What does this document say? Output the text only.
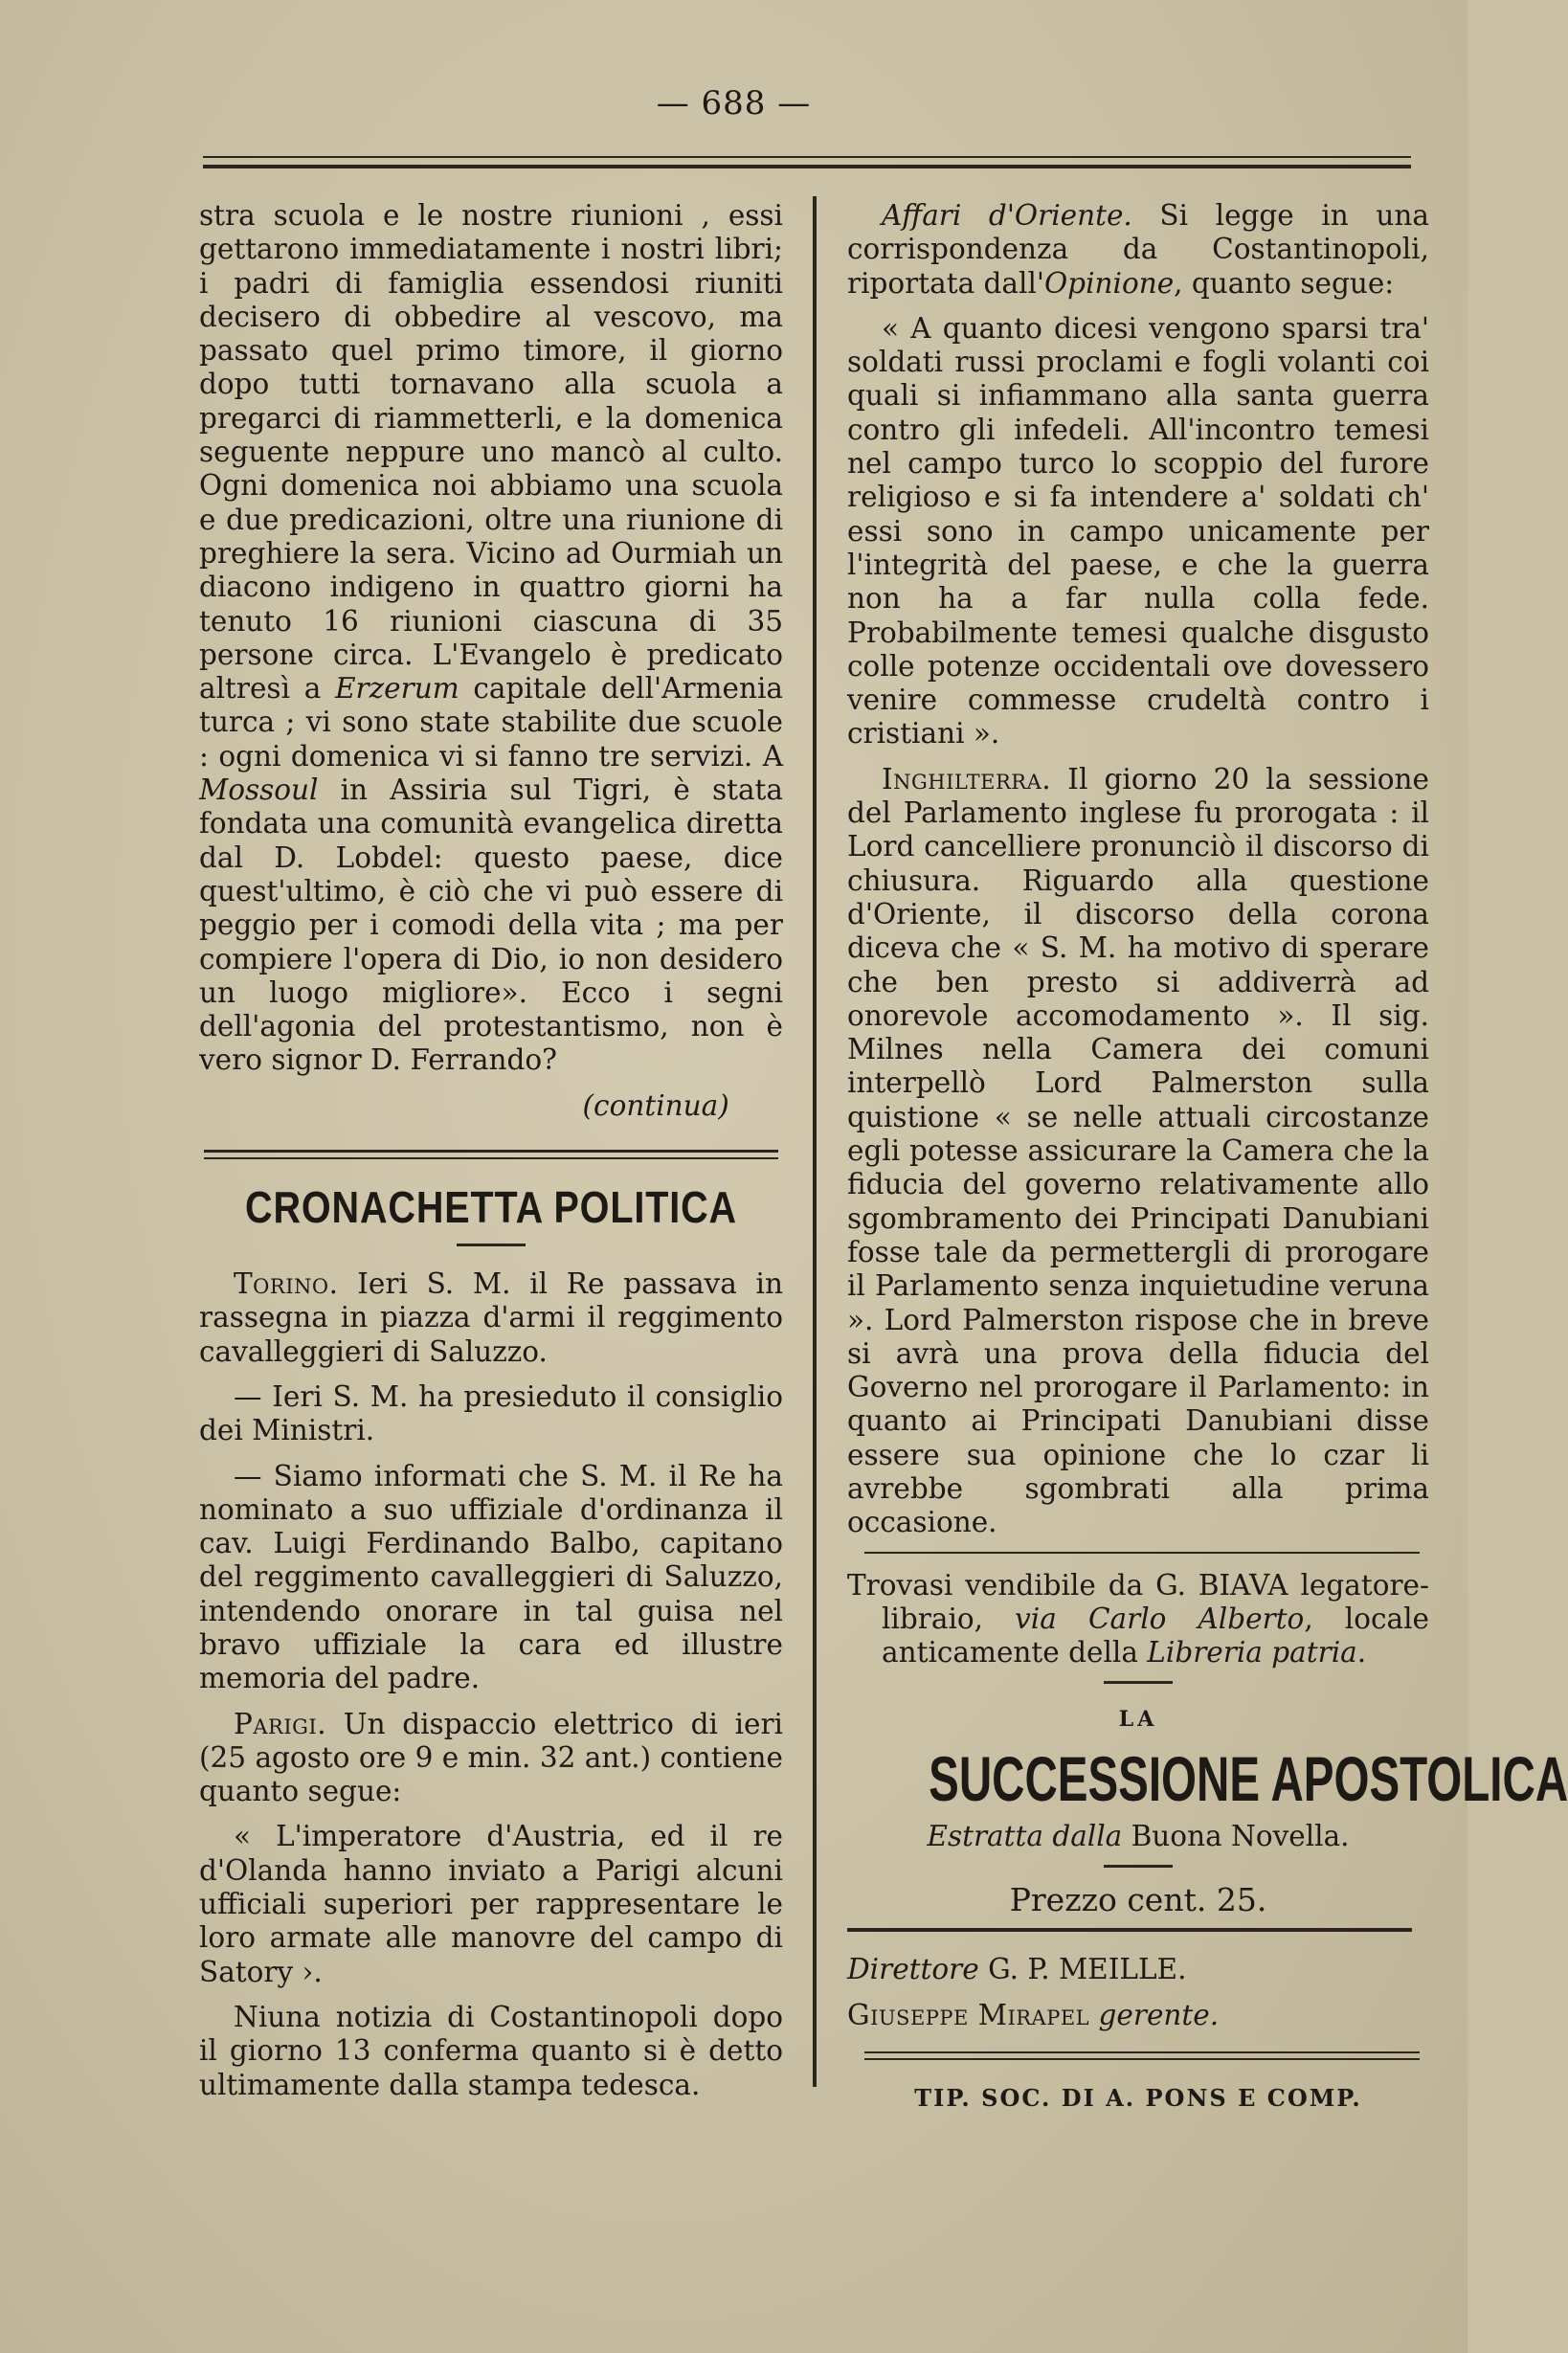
— 688 —

stra scuola e le nostre riunioni , essi gettarono immediatamente i nostri libri; i padri di famiglia essendosi riuniti decisero di obbedire al vescovo, ma passato quel primo timore, il giorno dopo tutti tornavano alla scuola a pregarci di riammetterli, e la domenica seguente neppure uno mancò al culto. Ogni domenica noi abbiamo una scuola e due predicazioni, oltre una riunione di preghiere la sera. Vicino ad Ourmiah un diacono indigeno in quattro giorni ha tenuto 16 riunioni ciascuna di 35 persone circa. L'Evangelo è predicato altresì a Erzerum capitale dell'Armenia turca ; vi sono state stabilite due scuole : ogni domenica vi si fanno tre servizi. A Mossoul in Assiria sul Tigri, è stata fondata una comunità evangelica diretta dal D. Lobdel: questo paese, dice quest'ultimo, è ciò che vi può essere di peggio per i comodi della vita ; ma per compiere l'opera di Dio, io non desidero un luogo migliore». Ecco i segni dell'agonia del protestantismo, non è vero signor D. Ferrando?

(continua)

CRONACHETTA POLITICA

Torino. Ieri S. M. il Re passava in rassegna in piazza d'armi il reggimento cavalleggieri di Saluzzo.

— Ieri S. M. ha presieduto il consiglio dei Ministri.

— Siamo informati che S. M. il Re ha nominato a suo uffiziale d'ordinanza il cav. Luigi Ferdinando Balbo, capitano del reggimento cavalleggieri di Saluzzo, intendendo onorare in tal guisa nel bravo uffiziale la cara ed illustre memoria del padre.

Parigi. Un dispaccio elettrico di ieri (25 agosto ore 9 e min. 32 ant.) contiene quanto segue:

« L'imperatore d'Austria, ed il re d'Olanda hanno inviato a Parigi alcuni ufficiali superiori per rappresentare le loro armate alle manovre del campo di Satory ›.

Niuna notizia di Costantinopoli dopo il giorno 13 conferma quanto si è detto ultimamente dalla stampa tedesca.

Affari d'Oriente. Si legge in una corrispondenza da Costantinopoli, riportata dall'Opinione, quanto segue:

« A quanto dicesi vengono sparsi tra' soldati russi proclami e fogli volanti coi quali si infiammano alla santa guerra contro gli infedeli. All'incontro temesi nel campo turco lo scoppio del furore religioso e si fa intendere a' soldati ch' essi sono in campo unicamente per l'integrità del paese, e che la guerra non ha a far nulla colla fede. Probabilmente temesi qualche disgusto colle potenze occidentali ove dovessero venire commesse crudeltà contro i cristiani ».

Inghilterra. Il giorno 20 la sessione del Parlamento inglese fu prorogata : il Lord cancelliere pronunciò il discorso di chiusura. Riguardo alla questione d'Oriente, il discorso della corona diceva che « S. M. ha motivo di sperare che ben presto si addiverrà ad onorevole accomodamento ». Il sig. Milnes nella Camera dei comuni interpellò Lord Palmerston sulla quistione « se nelle attuali circostanze egli potesse assicurare la Camera che la fiducia del governo relativamente allo sgombramento dei Principati Danubiani fosse tale da permettergli di prorogare il Parlamento senza inquietudine veruna ». Lord Palmerston rispose che in breve si avrà una prova della fiducia del Governo nel prorogare il Parlamento: in quanto ai Principati Danubiani disse essere sua opinione che lo czar li avrebbe sgombrati alla prima occasione.

Trovasi vendibile da G. BIAVA legatore-libraio, via Carlo Alberto, locale anticamente della Libreria patria.

LA
SUCCESSIONE APOSTOLICA

Estratta dalla Buona Novella.

Prezzo cent. 25.

Direttore G. P. MEILLE.

Giuseppe Mirapel gerente.

TIP. SOC. DI A. PONS E COMP.
